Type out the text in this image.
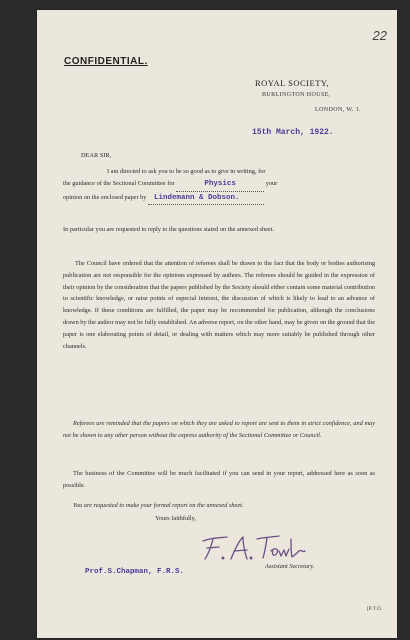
22
CONFIDENTIAL.
ROYAL SOCIETY,
BURLINGTON HOUSE,
LONDON, W. 1.
15th March, 1922.
DEAR SIR,
I am directed to ask you to be so good as to give in writing, for
the guidance of the Sectional Committee for	Physics	your
opinion on the enclosed paper by Lindemann & Dobson.
⠀⠀
In particular you are requested to reply to the questions stated on the annexed sheet.
The Council have ordered that the attention of referees shall be drawn to the fact that the body or bodies authorising publication are not responsible for the opinions expressed by authors. The referees should be guided in the expression of their opinion by the consideration that the papers published by the Society should either contain some material contribution to scientific knowledge, or raise points of especial interest, the discussion of which is likely to lead to an advance of knowledge. If these conditions are fulfilled, the paper may be recommended for publication, although the conclusions drawn by the author may not be fully established. An adverse report, on the other hand, may be given on the ground that the paper is one elaborating points of detail, or dealing with matters which may more suitably be published through other channels.
Referees are reminded that the papers on which they are asked to report are sent to them in strict confidence, and may not be shown to any other person without the express authority of the Sectional Committee or Council.
The business of the Committee will be much facilitated if you can send in your report, addressed here as soon as possible.
You are requested to make your formal report on the annexed sheet.
Yours faithfully,
Assistant Secretary.
Prof.S.Chapman, F.R.S.
[P.T.O.
